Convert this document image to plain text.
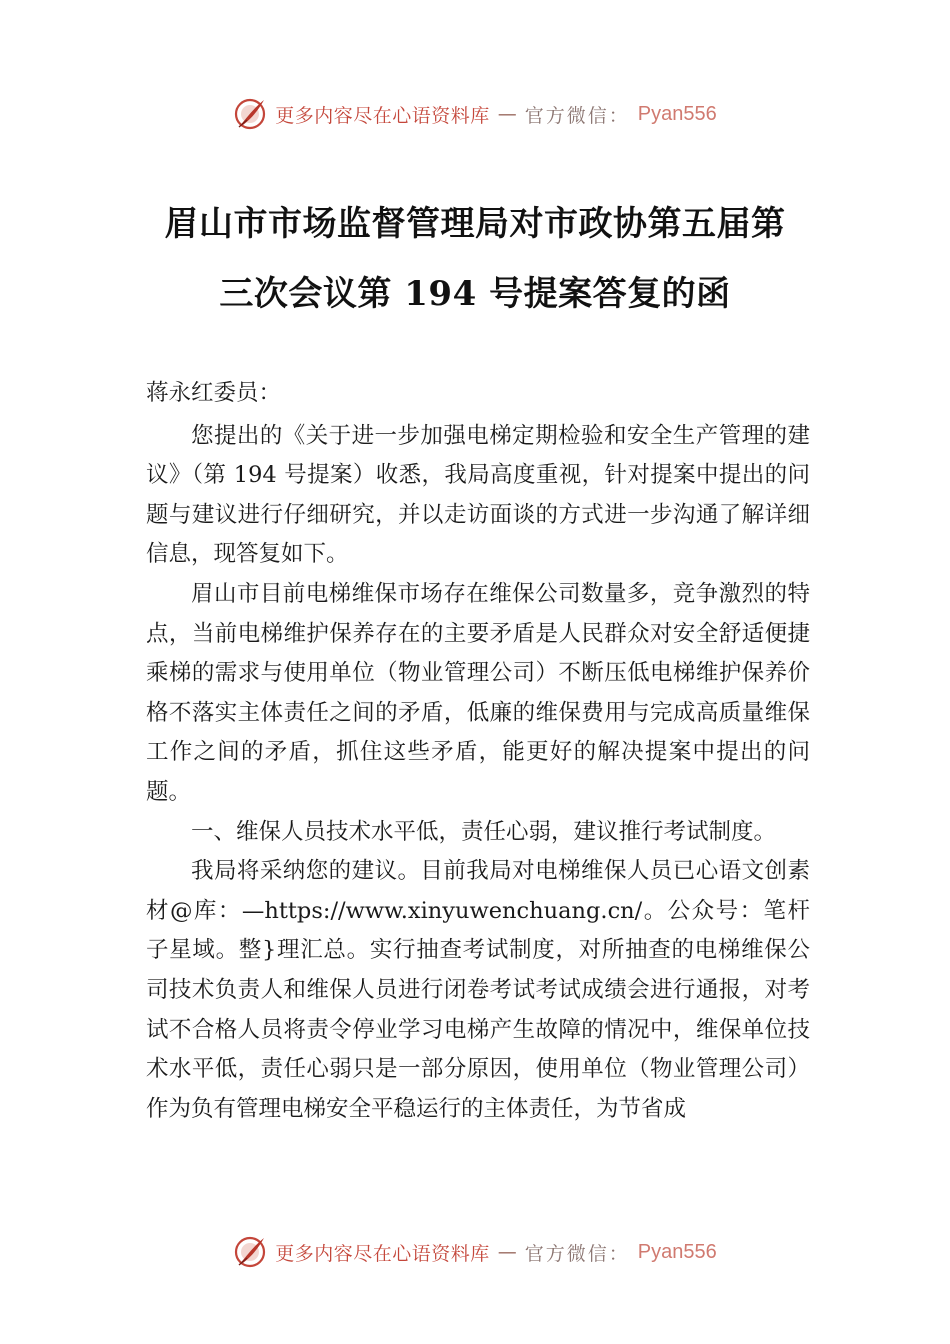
更多内容尽在心语资料库 — 官方微信： Pyan556
眉山市市场监督管理局对市政协第五届第
三次会议第 194 号提案答复的函

蒋永红委员：

您提出的《关于进一步加强电梯定期检验和安全生产管理的建议》（第 194 号提案）收悉，我局高度重视，针对提案中提出的问题与建议进行仔细研究，并以走访面谈的方式进一步沟通了解详细信息，现答复如下。

眉山市目前电梯维保市场存在维保公司数量多，竞争激烈的特点，当前电梯维护保养存在的主要矛盾是人民群众对安全舒适便捷乘梯的需求与使用单位（物业管理公司）不断压低电梯维护保养价格不落实主体责任之间的矛盾，低廉的维保费用与完成高质量维保工作之间的矛盾，抓住这些矛盾，能更好的解决提案中提出的问题。

一、维保人员技术水平低，责任心弱，建议推行考试制度。

我局将采纳您的建议。目前我局对电梯维保人员已心语文创素材@库：—https://www.xinyuwenchuang.cn/。公众号：笔杆子星域。整}理汇总。实行抽查考试制度，对所抽查的电梯维保公司技术负责人和维保人员进行闭卷考试考试成绩会进行通报，对考试不合格人员将责令停业学习电梯产生故障的情况中，维保单位技术水平低，责任心弱只是一部分原因，使用单位（物业管理公司）作为负有管理电梯安全平稳运行的主体责任，为节省成

更多内容尽在心语资料库 — 官方微信： Pyan556
